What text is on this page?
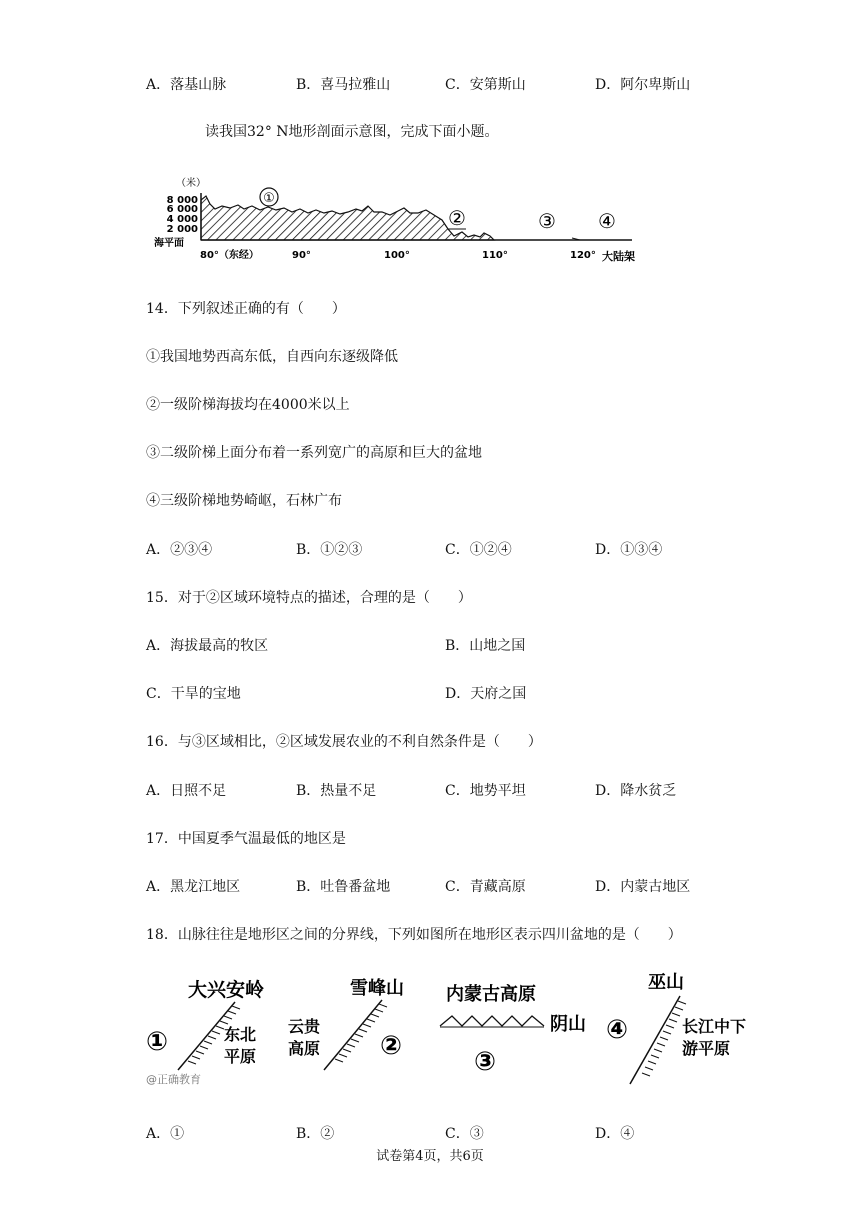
A．落基山脉	B．喜马拉雅山	C．安第斯山	D．阿尔卑斯山
读我国32° N地形剖面示意图，完成下面小题。
（米）
8 000
6 000
4 000
2 000
海平面
①
②	③ ④
80°（东经）	90°	100°	110°	120° 大陆架
14．下列叙述正确的有（　　）
①我国地势西高东低，自西向东逐级降低
②一级阶梯海拔均在4000米以上
③二级阶梯上面分布着一系列宽广的高原和巨大的盆地
④三级阶梯地势崎岖，石林广布
A．②③④	B．①②③	C．①②④	D．①③④
15．对于②区域环境特点的描述，合理的是（　　）
A．海拔最高的牧区	B．山地之国
C．干旱的宝地	D．天府之国
16．与③区域相比，②区域发展农业的不利自然条件是（　　）
A．日照不足	B．热量不足	C．地势平坦	D．降水贫乏
17．中国夏季气温最低的地区是
A．黑龙江地区	B．吐鲁番盆地	C．青藏高原	D．内蒙古地区
18．山脉往往是地形区之间的分界线，下列如图所在地形区表示四川盆地的是（　　）
大兴安岭
①	东北
平原
@正确教育
雪峰山
云贵
高原 ②
内蒙古高原
阴山
③
巫山
④	长江中下
游平原
A．①	B．②	C．③	D．④
试卷第4页，共6页
